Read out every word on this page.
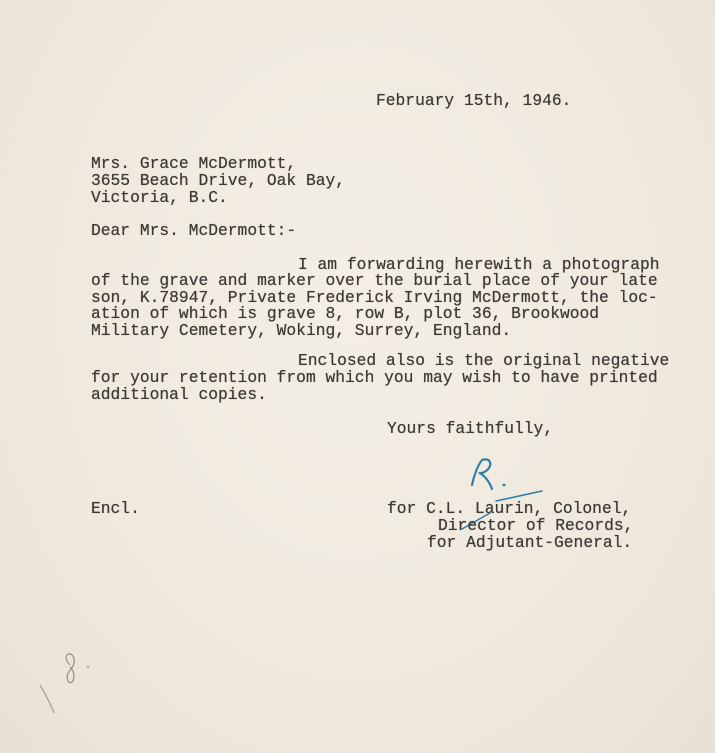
February 15th, 1946.
Mrs. Grace McDermott,
3655 Beach Drive, Oak Bay,
Victoria, B.C.
Dear Mrs. McDermott:-
I am forwarding herewith a photograph
of the grave and marker over the burial place of your late
son, K.78947, Private Frederick Irving McDermott, the loc-
ation of which is grave 8, row B, plot 36, Brookwood
Military Cemetery, Woking, Surrey, England.
Enclosed also is the original negative
for your retention from which you may wish to have printed
additional copies.
Yours faithfully,
Encl.	for C.L. Laurin, Colonel,
Director of Records,
for Adjutant-General.
